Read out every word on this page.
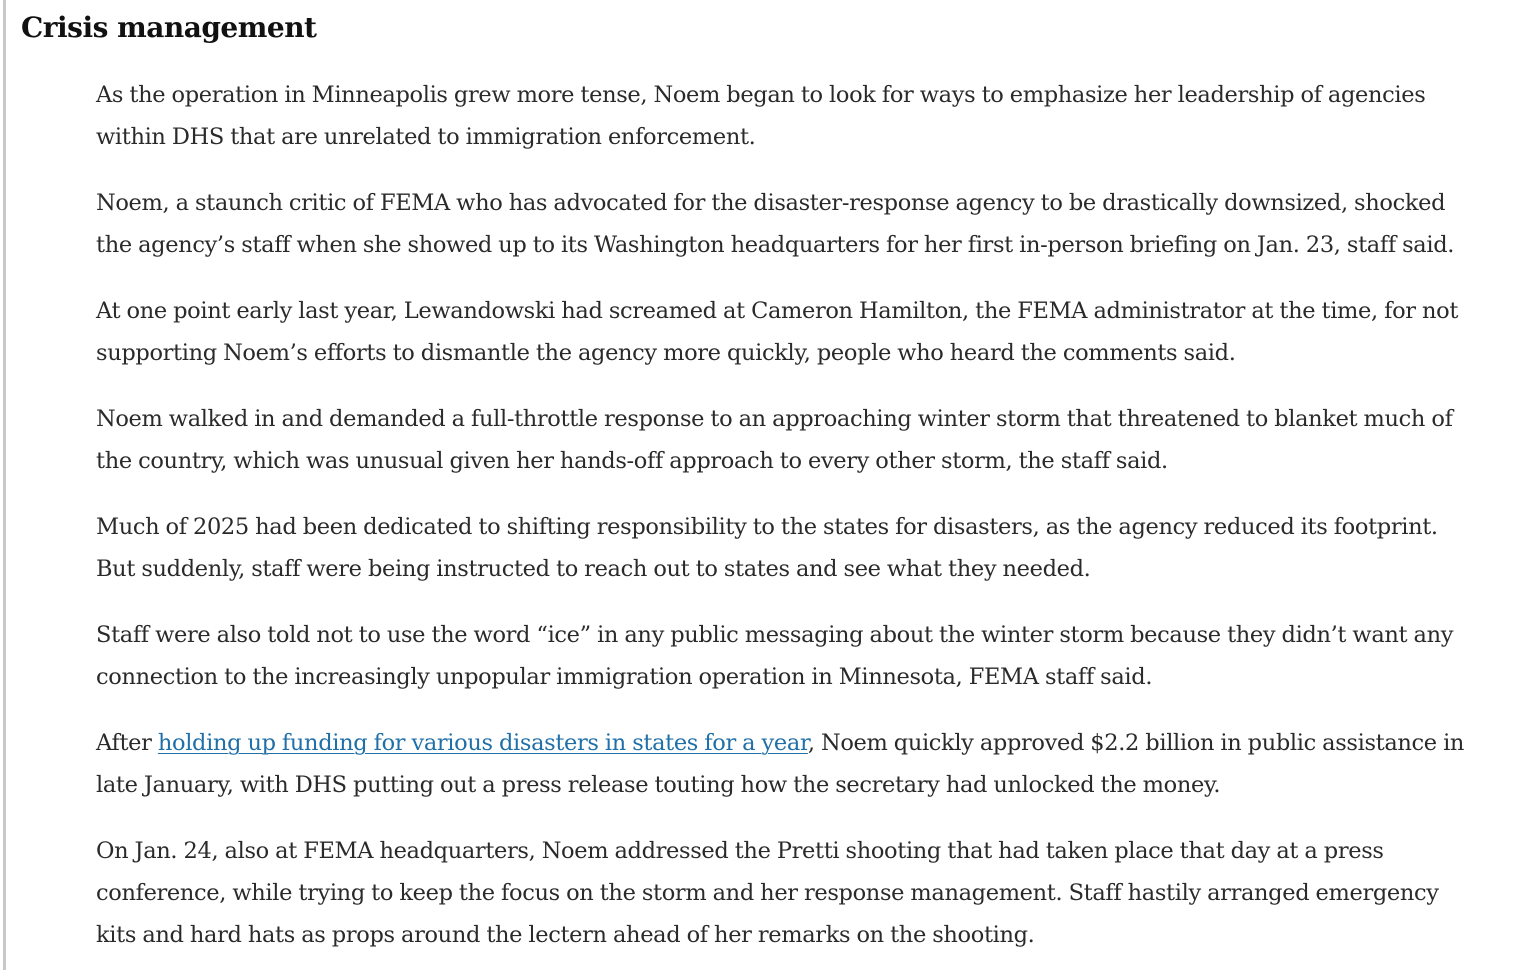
Crisis management

As the operation in Minneapolis grew more tense, Noem began to look for ways to emphasize her leadership of agencies within DHS that are unrelated to immigration enforcement.

Noem, a staunch critic of FEMA who has advocated for the disaster-response agency to be drastically downsized, shocked the agency’s staff when she showed up to its Washington headquarters for her first in-person briefing on Jan. 23, staff said.

At one point early last year, Lewandowski had screamed at Cameron Hamilton, the FEMA administrator at the time, for not supporting Noem’s efforts to dismantle the agency more quickly, people who heard the comments said.

Noem walked in and demanded a full-throttle response to an approaching winter storm that threatened to blanket much of the country, which was unusual given her hands-off approach to every other storm, the staff said.

Much of 2025 had been dedicated to shifting responsibility to the states for disasters, as the agency reduced its footprint. But suddenly, staff were being instructed to reach out to states and see what they needed.

Staff were also told not to use the word “ice” in any public messaging about the winter storm because they didn’t want any connection to the increasingly unpopular immigration operation in Minnesota, FEMA staff said.

After holding up funding for various disasters in states for a year, Noem quickly approved $2.2 billion in public assistance in late January, with DHS putting out a press release touting how the secretary had unlocked the money.

On Jan. 24, also at FEMA headquarters, Noem addressed the Pretti shooting that had taken place that day at a press conference, while trying to keep the focus on the storm and her response management. Staff hastily arranged emergency kits and hard hats as props around the lectern ahead of her remarks on the shooting.
